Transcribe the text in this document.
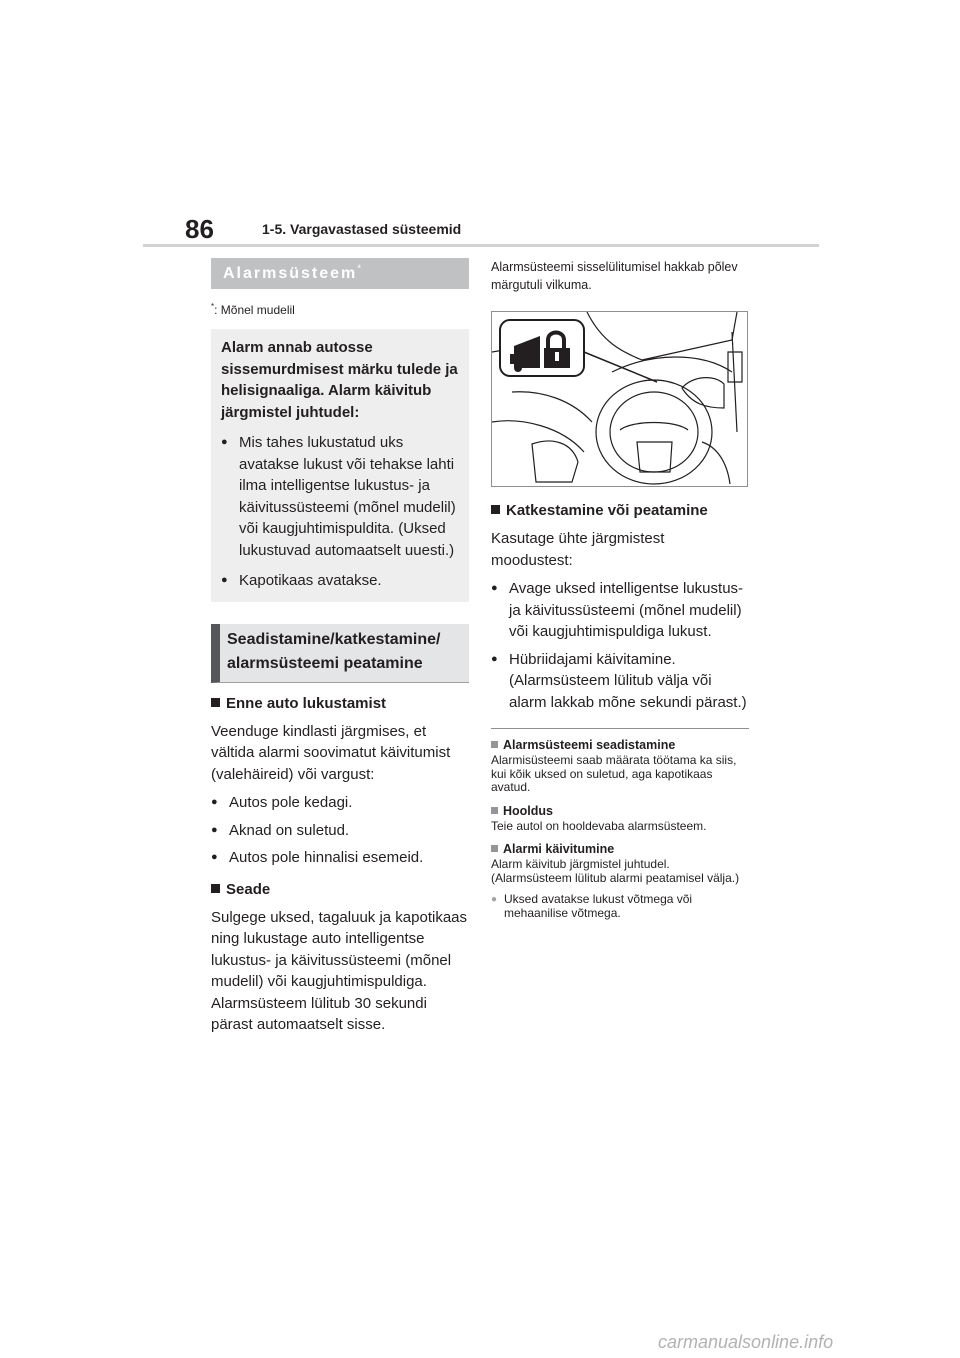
86	1-5. Vargavastased süsteemid
Alarmsüsteem*

*: Mõnel mudelil

Alarm annab autosse sissemurdmisest märku tulede ja helisignaaliga. Alarm käivitub järgmistel juhtudel:

● Mis tahes lukustatud uks avatakse lukust või tehakse lahti ilma intelligentse lukustus- ja käivitussüsteemi (mõnel mudelil) või kaugjuhtimispuldita. (Uksed lukustuvad automaatselt uuesti.)
● Kapotikaas avatakse.
Seadistamine/katkestamine/ alarmsüsteemi peatamine
Enne auto lukustamist

Veenduge kindlasti järgmises, et vältida alarmi soovimatut käivitumist (valehäireid) või vargust:

● Autos pole kedagi.
● Aknad on suletud.
● Autos pole hinnalisi esemeid.
Seade

Sulgege uksed, tagaluuk ja kapotikaas ning lukustage auto intelligentse lukustus- ja käivitussüsteemi (mõnel mudelil) või kaugjuhtimispuldiga. Alarmsüsteem lülitub 30 sekundi pärast automaatselt sisse.

Alarmsüsteemi sisselülitumisel hakkab põlev märgutuli vilkuma.

Katkestamine või peatamine

Kasutage ühte järgmistest moodustest:

● Avage uksed intelligentse lukustus- ja käivitussüsteemi (mõnel mudelil) või kaugjuhtimispuldiga lukust.
● Hübriidajami käivitamine. (Alarmsüsteem lülitub välja või alarm lakkab mõne sekundi pärast.)
Alarmsüsteemi seadistamine

Alarmisüsteemi saab määrata töötama ka siis, kui kõik uksed on suletud, aga kapotikaas avatud.

Hooldus

Teie autol on hooldevaba alarmsüsteem.

Alarmi käivitumine

Alarm käivitub järgmistel juhtudel. (Alarmsüsteem lülitub alarmi peatamisel välja.)

● Uksed avatakse lukust võtmega või mehaanilise võtmega.
carmanualsonline.info
